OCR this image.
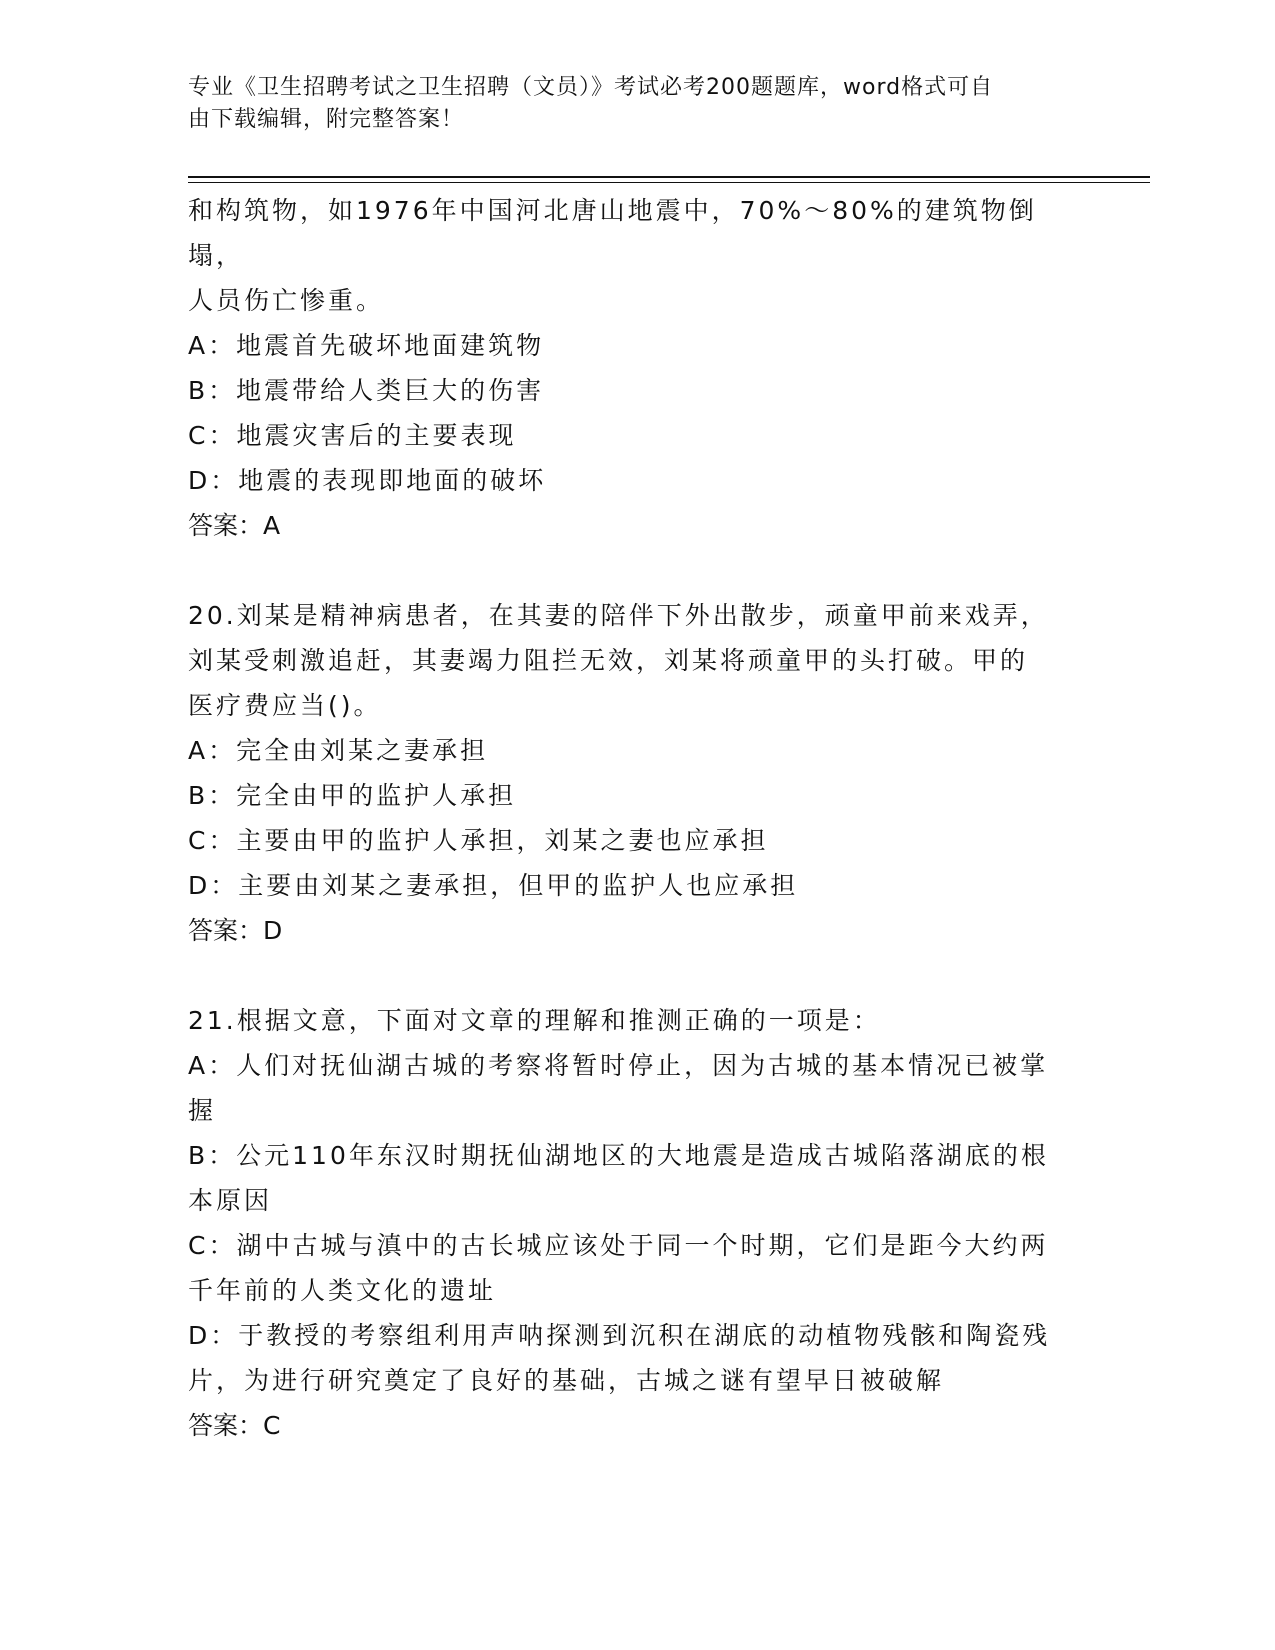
专业《卫生招聘考试之卫生招聘（文员）》考试必考200题题库，word格式可自
由下载编辑，附完整答案！

和构筑物，如1976年中国河北唐山地震中，70%～80%的建筑物倒塌，

人员伤亡惨重。

A：地震首先破坏地面建筑物

B：地震带给人类巨大的伤害

C：地震灾害后的主要表现

D：地震的表现即地面的破坏

答案：A

20.刘某是精神病患者，在其妻的陪伴下外出散步，顽童甲前来戏弄，

刘某受刺激追赶，其妻竭力阻拦无效，刘某将顽童甲的头打破。甲的

医疗费应当()。

A：完全由刘某之妻承担

B：完全由甲的监护人承担

C：主要由甲的监护人承担，刘某之妻也应承担

D：主要由刘某之妻承担，但甲的监护人也应承担

答案：D

21.根据文意，下面对文章的理解和推测正确的一项是：

A：人们对抚仙湖古城的考察将暂时停止，因为古城的基本情况已被掌

握

B：公元110年东汉时期抚仙湖地区的大地震是造成古城陷落湖底的根

本原因

C：湖中古城与滇中的古长城应该处于同一个时期，它们是距今大约两

千年前的人类文化的遗址

D：于教授的考察组利用声呐探测到沉积在湖底的动植物残骸和陶瓷残

片，为进行研究奠定了良好的基础，古城之谜有望早日被破解

答案：C
